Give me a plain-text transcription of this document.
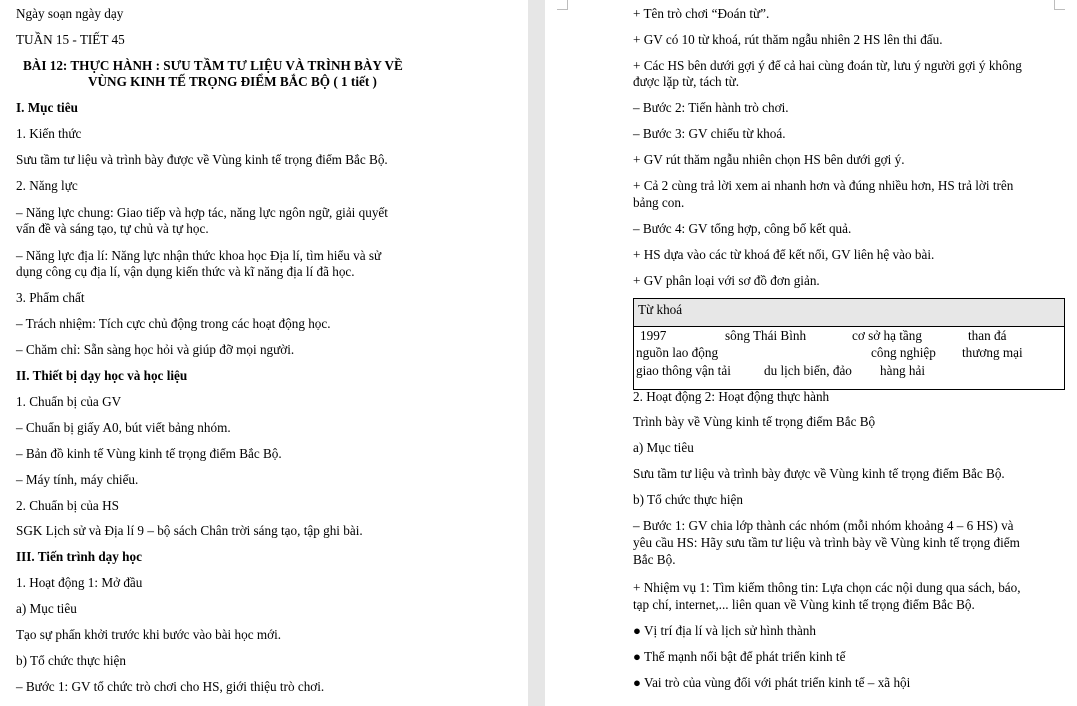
Ngày soạn ngày dạy
TUẦN 15 - TIẾT 45
BÀI 12: THỰC HÀNH : SƯU TẦM TƯ LIỆU VÀ TRÌNH BÀY VỀ
VÙNG KINH TẾ TRỌNG ĐIỂM BẮC BỘ ( 1 tiết )
I. Mục tiêu
1. Kiến thức
Sưu tầm tư liệu và trình bày được về Vùng kinh tế trọng điểm Bắc Bộ.
2. Năng lực
– Năng lực chung: Giao tiếp và hợp tác, năng lực ngôn ngữ, giải quyết
vấn đề và sáng tạo, tự chủ và tự học.
– Năng lực địa lí: Năng lực nhận thức khoa học Địa lí, tìm hiểu và sử
dụng công cụ địa lí, vận dụng kiến thức và kĩ năng địa lí đã học.
3. Phẩm chất
– Trách nhiệm: Tích cực chủ động trong các hoạt động học.
– Chăm chỉ: Sẵn sàng học hỏi và giúp đỡ mọi người.
II. Thiết bị dạy học và học liệu
1. Chuẩn bị của GV
– Chuẩn bị giấy A0, bút viết bảng nhóm.
– Bản đồ kinh tế Vùng kinh tế trọng điểm Bắc Bộ.
– Máy tính, máy chiếu.
2. Chuẩn bị của HS
SGK Lịch sử và Địa lí 9 – bộ sách Chân trời sáng tạo, tập ghi bài.
III. Tiến trình dạy học
1. Hoạt động 1: Mở đầu
a) Mục tiêu
Tạo sự phấn khởi trước khi bước vào bài học mới.
b) Tổ chức thực hiện
– Bước 1: GV tổ chức trò chơi cho HS, giới thiệu trò chơi.
+ Tên trò chơi “Đoán từ”.
+ GV có 10 từ khoá, rút thăm ngẫu nhiên 2 HS lên thi đấu.
+ Các HS bên dưới gợi ý để cả hai cùng đoán từ, lưu ý người gợi ý không
được lặp từ, tách từ.
– Bước 2: Tiến hành trò chơi.
– Bước 3: GV chiếu từ khoá.
+ GV rút thăm ngẫu nhiên chọn HS bên dưới gợi ý.
+ Cả 2 cùng trả lời xem ai nhanh hơn và đúng nhiều hơn, HS trả lời trên
bảng con.
– Bước 4: GV tổng hợp, công bố kết quả.
+ HS dựa vào các từ khoá để kết nối, GV liên hệ vào bài.
+ GV phân loại với sơ đồ đơn giản.
Từ khoá
1997	sông Thái Bình	cơ sở hạ tầng	than đá
nguồn lao động	công nghiệp thương mại
giao thông vận tải	du lịch biển, đảo hàng hải
2. Hoạt động 2: Hoạt động thực hành
Trình bày về Vùng kinh tế trọng điểm Bắc Bộ
a) Mục tiêu
Sưu tầm tư liệu và trình bày được về Vùng kinh tế trọng điểm Bắc Bộ.
b) Tổ chức thực hiện
– Bước 1: GV chia lớp thành các nhóm (mỗi nhóm khoảng 4 – 6 HS) và
yêu cầu HS: Hãy sưu tầm tư liệu và trình bày về Vùng kinh tế trọng điểm
Bắc Bộ.
+ Nhiệm vụ 1: Tìm kiếm thông tin: Lựa chọn các nội dung qua sách, báo,
tạp chí, internet,... liên quan về Vùng kinh tế trọng điểm Bắc Bộ.
● Vị trí địa lí và lịch sử hình thành
● Thế mạnh nổi bật để phát triển kinh tế
● Vai trò của vùng đối với phát triển kinh tế – xã hội
